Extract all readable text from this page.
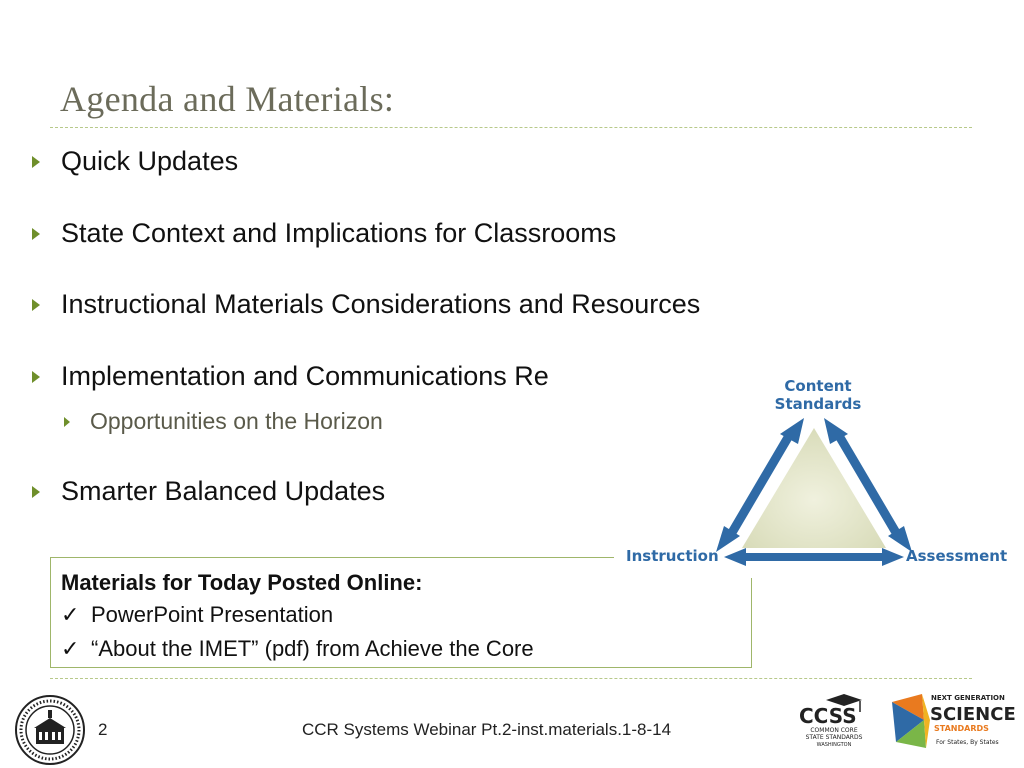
Agenda and Materials:
Quick Updates
State Context and Implications for Classrooms
Instructional Materials Considerations and Resources
Implementation and Communications Re
Opportunities on the Horizon
Smarter Balanced Updates
Materials for Today Posted Online:
✓ PowerPoint Presentation
✓ “About the IMET” (pdf) from Achieve the Core
Content
Standards
Instruction	Assessment
2	CCR Systems Webinar Pt.2-inst.materials.1-8-14
CCSS
COMMON CORE
STATE STANDARDS
WASHINGTON
NEXT GENERATION
SCIENCE
STANDARDS
For States, By States
